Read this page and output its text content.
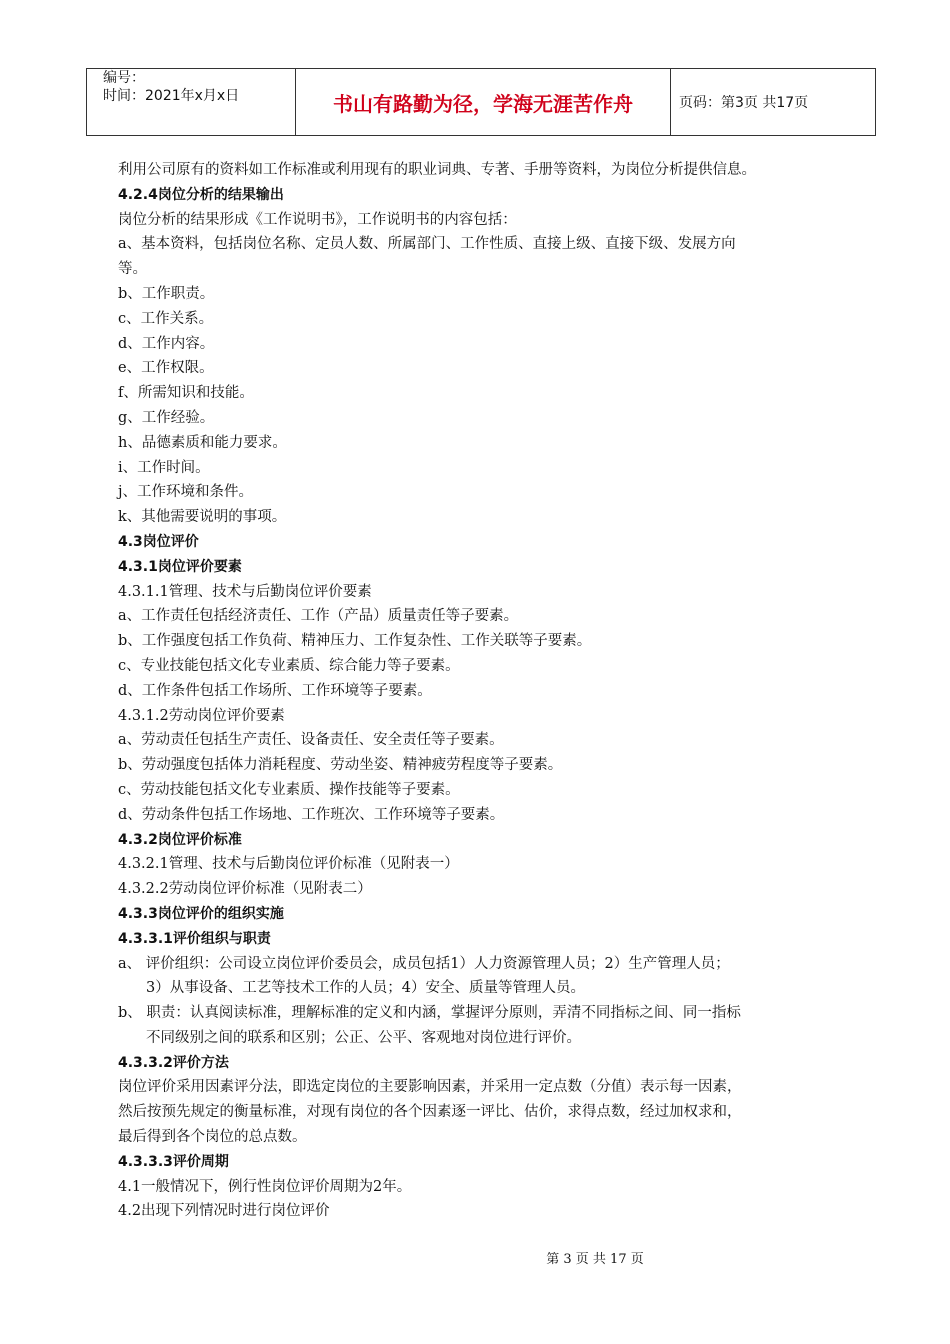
编号：
时间：2021年x月x日	书山有路勤为径，学海无涯苦作舟	页码：第3页 共17页
利用公司原有的资料如工作标准或利用现有的职业词典、专著、手册等资料，为岗位分析提供信息。
4.2.4岗位分析的结果输出
岗位分析的结果形成《工作说明书》，工作说明书的内容包括：
a、基本资料，包括岗位名称、定员人数、所属部门、工作性质、直接上级、直接下级、发展方向
等。
b、工作职责。
c、工作关系。
d、工作内容。
e、工作权限。
f、所需知识和技能。
g、工作经验。
h、品德素质和能力要求。
i、工作时间。
j、工作环境和条件。
k、其他需要说明的事项。
4.3岗位评价
4.3.1岗位评价要素
4.3.1.1管理、技术与后勤岗位评价要素
a、工作责任包括经济责任、工作（产品）质量责任等子要素。
b、工作强度包括工作负荷、精神压力、工作复杂性、工作关联等子要素。
c、专业技能包括文化专业素质、综合能力等子要素。
d、工作条件包括工作场所、工作环境等子要素。
4.3.1.2劳动岗位评价要素
a、劳动责任包括生产责任、设备责任、安全责任等子要素。
b、劳动强度包括体力消耗程度、劳动坐姿、精神疲劳程度等子要素。
c、劳动技能包括文化专业素质、操作技能等子要素。
d、劳动条件包括工作场地、工作班次、工作环境等子要素。
4.3.2岗位评价标准
4.3.2.1管理、技术与后勤岗位评价标准（见附表一）
4.3.2.2劳动岗位评价标准（见附表二）
4.3.3岗位评价的组织实施
4.3.3.1评价组织与职责
a、 评价组织：公司设立岗位评价委员会，成员包括1）人力资源管理人员；2）生产管理人员；
3）从事设备、工艺等技术工作的人员；4）安全、质量等管理人员。
b、 职责：认真阅读标准，理解标准的定义和内涵，掌握评分原则，弄清不同指标之间、同一指标
不同级别之间的联系和区别；公正、公平、客观地对岗位进行评价。
4.3.3.2评价方法
岗位评价采用因素评分法，即选定岗位的主要影响因素，并采用一定点数（分值）表示每一因素，
然后按预先规定的衡量标准，对现有岗位的各个因素逐一评比、估价，求得点数，经过加权求和，
最后得到各个岗位的总点数。
4.3.3.3评价周期
4.1一般情况下，例行性岗位评价周期为2年。
4.2出现下列情况时进行岗位评价
第 3 页 共 17 页
